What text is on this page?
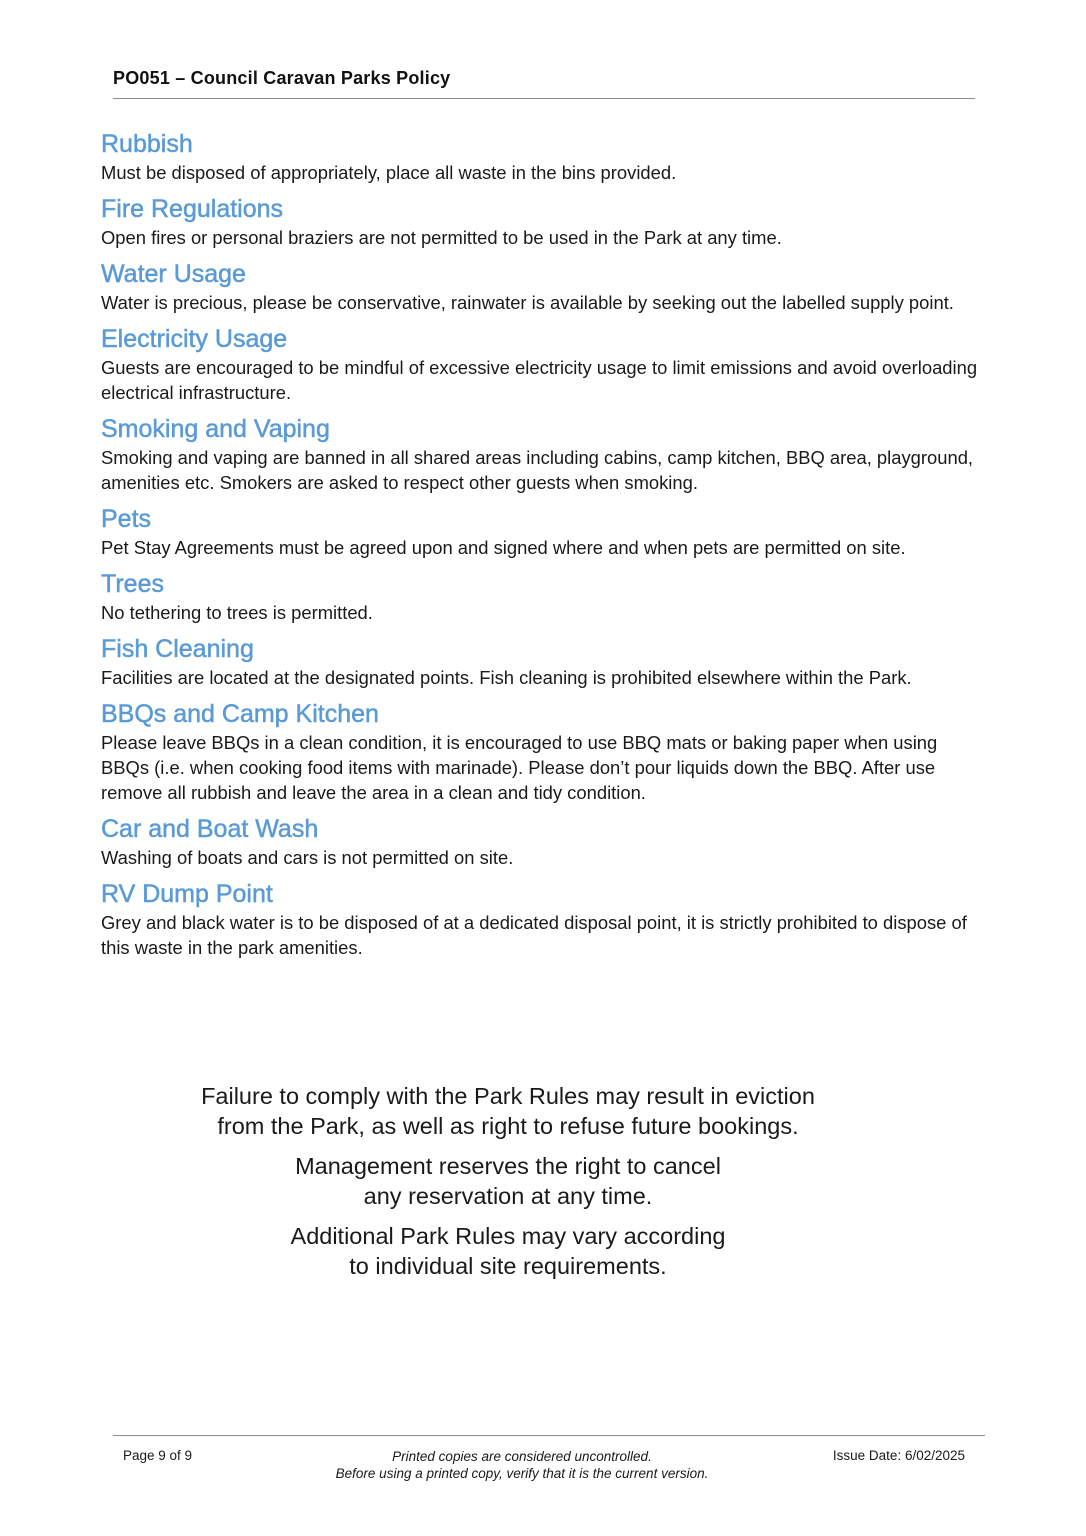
PO051 – Council Caravan Parks Policy
Rubbish

Must be disposed of appropriately, place all waste in the bins provided.

Fire Regulations

Open fires or personal braziers are not permitted to be used in the Park at any time.

Water Usage

Water is precious, please be conservative, rainwater is available by seeking out the labelled supply point.

Electricity Usage

Guests are encouraged to be mindful of excessive electricity usage to limit emissions and avoid overloading electrical infrastructure.

Smoking and Vaping

Smoking and vaping are banned in all shared areas including cabins, camp kitchen, BBQ area, playground, amenities etc. Smokers are asked to respect other guests when smoking.

Pets

Pet Stay Agreements must be agreed upon and signed where and when pets are permitted on site.

Trees

No tethering to trees is permitted.

Fish Cleaning

Facilities are located at the designated points. Fish cleaning is prohibited elsewhere within the Park.

BBQs and Camp Kitchen

Please leave BBQs in a clean condition, it is encouraged to use BBQ mats or baking paper when using BBQs (i.e. when cooking food items with marinade). Please don’t pour liquids down the BBQ. After use remove all rubbish and leave the area in a clean and tidy condition.

Car and Boat Wash

Washing of boats and cars is not permitted on site.

RV Dump Point

Grey and black water is to be disposed of at a dedicated disposal point, it is strictly prohibited to dispose of this waste in the park amenities.

Failure to comply with the Park Rules may result in eviction
from the Park, as well as right to refuse future bookings.
Management reserves the right to cancel
any reservation at any time.
Additional Park Rules may vary according
to individual site requirements.
Page 9 of 9	Printed copies are considered uncontrolled.
Before using a printed copy, verify that it is the current version.
Issue Date: 6/02/2025
